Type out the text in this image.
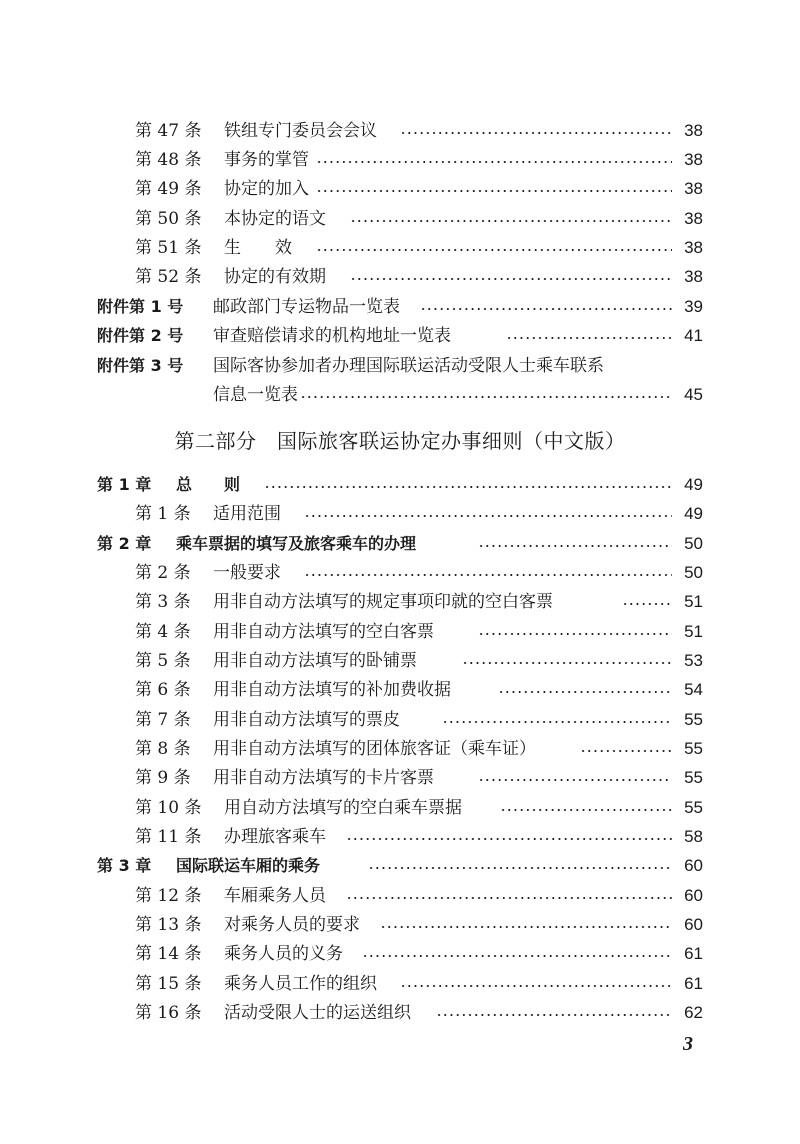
第 47 条 铁组专门委员会会议	38
第 48 条 事务的掌管	38
第 49 条 协定的加入	38
第 50 条 本协定的语文	38
第 51 条 生　　效	38
第 52 条 协定的有效期	38
附件第 1 号 邮政部门专运物品一览表	39
附件第 2 号 审查赔偿请求的机构地址一览表	41
附件第 3 号 国际客协参加者办理国际联运活动受限人士乘车联系
信息一览表	45
第二部分　国际旅客联运协定办事细则（中文版）
第 1 章 总　　则	49
第 1 条 适用范围	49
第 2 章 乘车票据的填写及旅客乘车的办理	50
第 2 条 一般要求	50
第 3 条 用非自动方法填写的规定事项印就的空白客票	51
第 4 条 用非自动方法填写的空白客票	51
第 5 条 用非自动方法填写的卧铺票	53
第 6 条 用非自动方法填写的补加费收据	54
第 7 条 用非自动方法填写的票皮	55
第 8 条 用非自动方法填写的团体旅客证（乘车证）	55
第 9 条 用非自动方法填写的卡片客票	55
第 10 条 用自动方法填写的空白乘车票据	55
第 11 条 办理旅客乘车	58
第 3 章 国际联运车厢的乘务	60
第 12 条 车厢乘务人员	60
第 13 条 对乘务人员的要求	60
第 14 条 乘务人员的义务	61
第 15 条 乘务人员工作的组织	61
第 16 条 活动受限人士的运送组织	62
3
